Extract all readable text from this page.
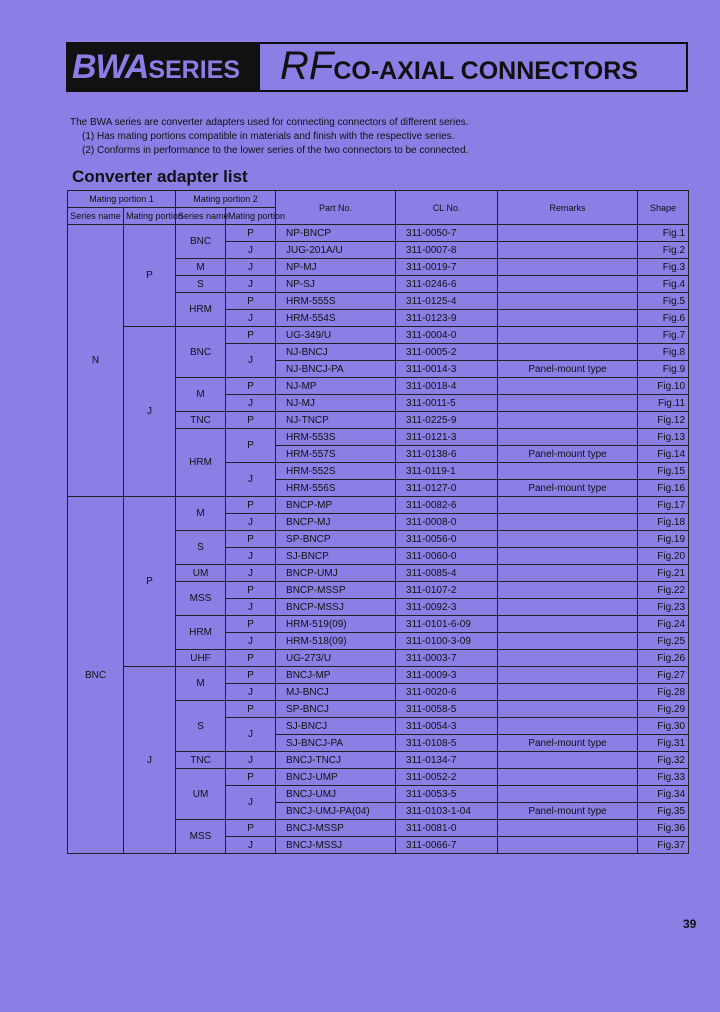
BWASERIES RFCO-AXIAL CONNECTORS

The BWA series are converter adapters used for connecting connectors of different series.

(1) Has mating portions compatible in materials and finish with the respective series.

(2) Conforms in performance to the lower series of the two connectors to be connected.

Converter adapter list
Mating portion 1		Mating portion 2		Part No.	CL No.	Remarks	Shape
Series name	Mating portion	Series name	Mating portion				
N	P	BNC	P	NP-BNCP	311-0050-7		Fig.1
			J	JUG-201A/U	311-0007-8		Fig.2
		M	J	NP-MJ	311-0019-7		Fig.3
		S	J	NP-SJ	311-0246-6		Fig.4
		HRM	P	HRM-555S	311-0125-4		Fig.5
			J	HRM-554S	311-0123-9		Fig.6
	J	BNC	P	UG-349/U	311-0004-0		Fig.7
			J	NJ-BNCJ	311-0005-2		Fig.8
				NJ-BNCJ-PA	311-0014-3	Panel-mount type	Fig.9
		M	P	NJ-MP	311-0018-4		Fig.10
			J	NJ-MJ	311-0011-5		Fig.11
		TNC	P	NJ-TNCP	311-0225-9		Fig.12
		HRM	P	HRM-553S	311-0121-3		Fig.13
				HRM-557S	311-0138-6	Panel-mount type	Fig.14
			J	HRM-552S	311-0119-1		Fig.15
				HRM-556S	311-0127-0	Panel-mount type	Fig.16
BNC	P	M	P	BNCP-MP	311-0082-6		Fig.17
			J	BNCP-MJ	311-0008-0		Fig.18
		S	P	SP-BNCP	311-0056-0		Fig.19
			J	SJ-BNCP	311-0060-0		Fig.20
		UM	J	BNCP-UMJ	311-0085-4		Fig.21
		MSS	P	BNCP-MSSP	311-0107-2		Fig.22
			J	BNCP-MSSJ	311-0092-3		Fig.23
		HRM	P	HRM-519(09)	311-0101-6-09		Fig.24
			J	HRM-518(09)	311-0100-3-09		Fig.25
		UHF	P	UG-273/U	311-0003-7		Fig.26
	J	M	P	BNCJ-MP	311-0009-3		Fig.27
			J	MJ-BNCJ	311-0020-6		Fig.28
		S	P	SP-BNCJ	311-0058-5		Fig.29
			J	SJ-BNCJ	311-0054-3		Fig.30
				SJ-BNCJ-PA	311-0108-5	Panel-mount type	Fig.31
		TNC	J	BNCJ-TNCJ	311-0134-7		Fig.32
		UM	P	BNCJ-UMP	311-0052-2		Fig.33
			J	BNCJ-UMJ	311-0053-5		Fig.34
				BNCJ-UMJ-PA(04)	311-0103-1-04	Panel-mount type	Fig.35
		MSS	P	BNCJ-MSSP	311-0081-0		Fig.36
			J	BNCJ-MSSJ	311-0066-7		Fig.37
39
